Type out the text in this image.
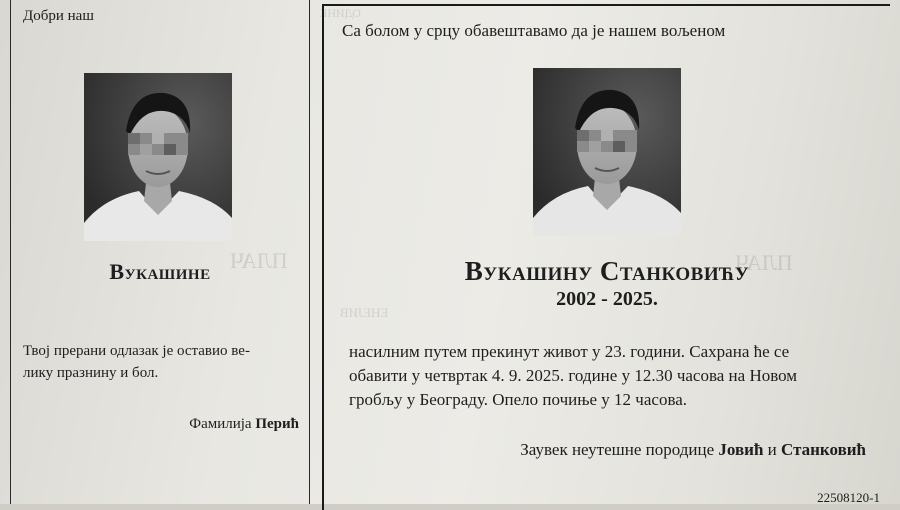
ПЛАЧ	ПЛАЧ
ЕНЕЈИВ
ОДИНЕ
Добри наш
Вукашине
Твој прерани одлазак је оставио ве-
лику празнину и бол.
Фамилија Перић
Са болом у срцу обавештавамо да је нашем вољеном
Вукашину Станковићу
2002 - 2025.
насилним путем прекинут живот у 23. години. Сахрана ће се
обавити у четвртак 4. 9. 2025. године у 12.30 часова на Новом
гробљу у Београду. Опело почиње у 12 часова.
Заувек неутешне породице Јовић и Станковић
22508120-1
